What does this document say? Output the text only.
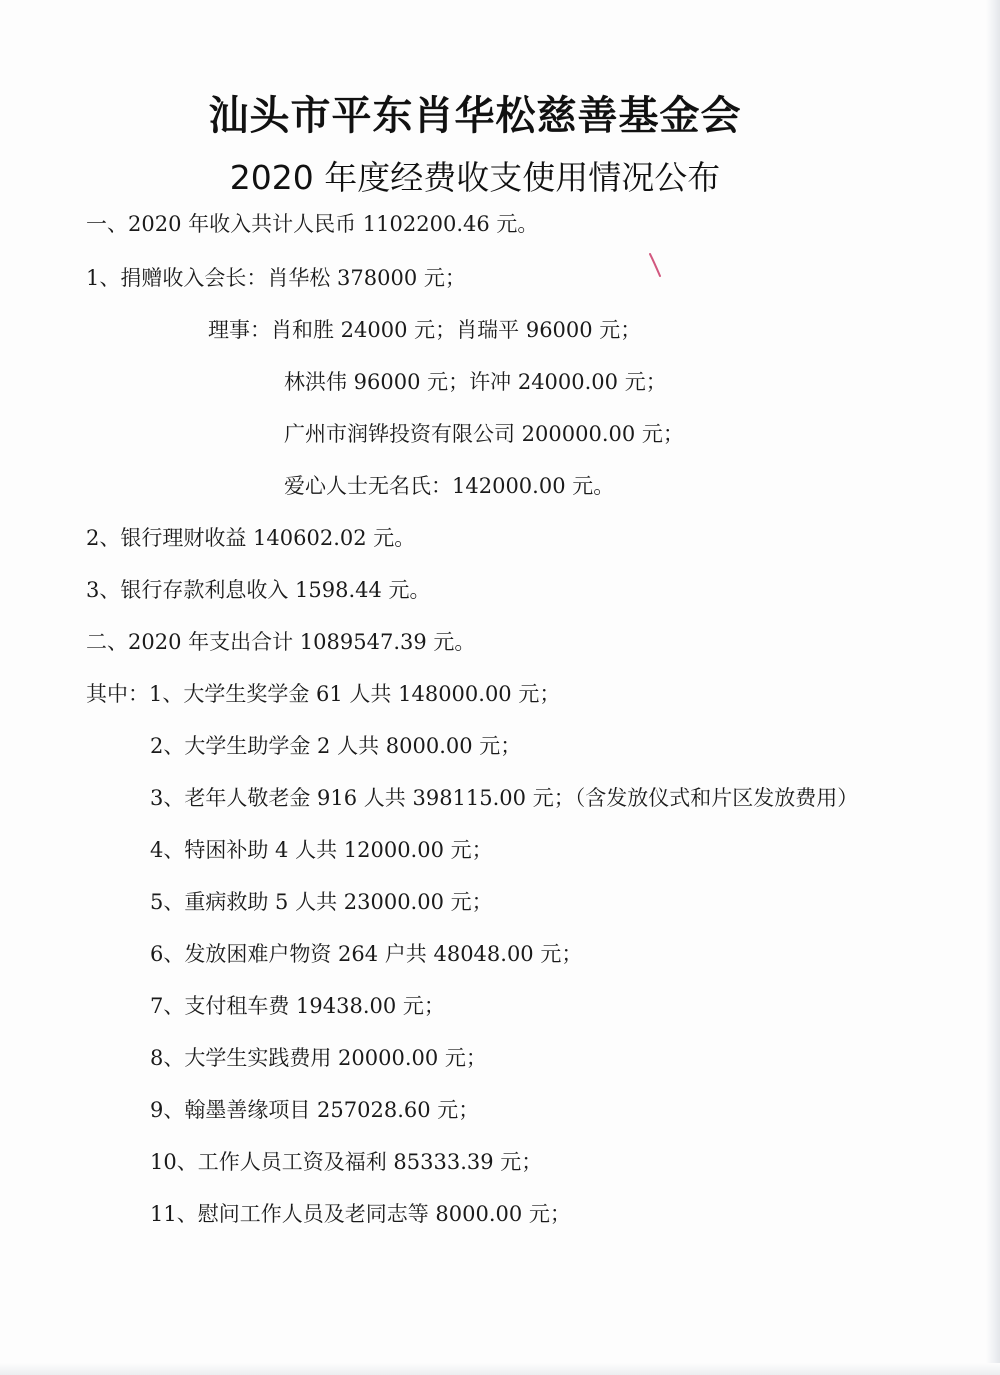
汕头市平东肖华松慈善基金会
2020 年度经费收支使用情况公布
一、2020 年收入共计人民币 1102200.46 元。
1、捐赠收入会长：肖华松 378000 元；
理事：肖和胜 24000 元；肖瑞平 96000 元；
林洪伟 96000 元；许冲 24000.00 元；
广州市润铧投资有限公司 200000.00 元；
爱心人士无名氏：142000.00 元。
2、银行理财收益 140602.02 元。
3、银行存款利息收入 1598.44 元。
二、2020 年支出合计 1089547.39 元。
其中：1、大学生奖学金 61 人共 148000.00 元；
2、大学生助学金 2 人共 8000.00 元；
3、老年人敬老金 916 人共 398115.00 元；（含发放仪式和片区发放费用）
4、特困补助 4 人共 12000.00 元；
5、重病救助 5 人共 23000.00 元；
6、发放困难户物资 264 户共 48048.00 元；
7、支付租车费 19438.00 元；
8、大学生实践费用 20000.00 元；
9、翰墨善缘项目 257028.60 元；
10、工作人员工资及福利 85333.39 元；
11、慰问工作人员及老同志等 8000.00 元；
